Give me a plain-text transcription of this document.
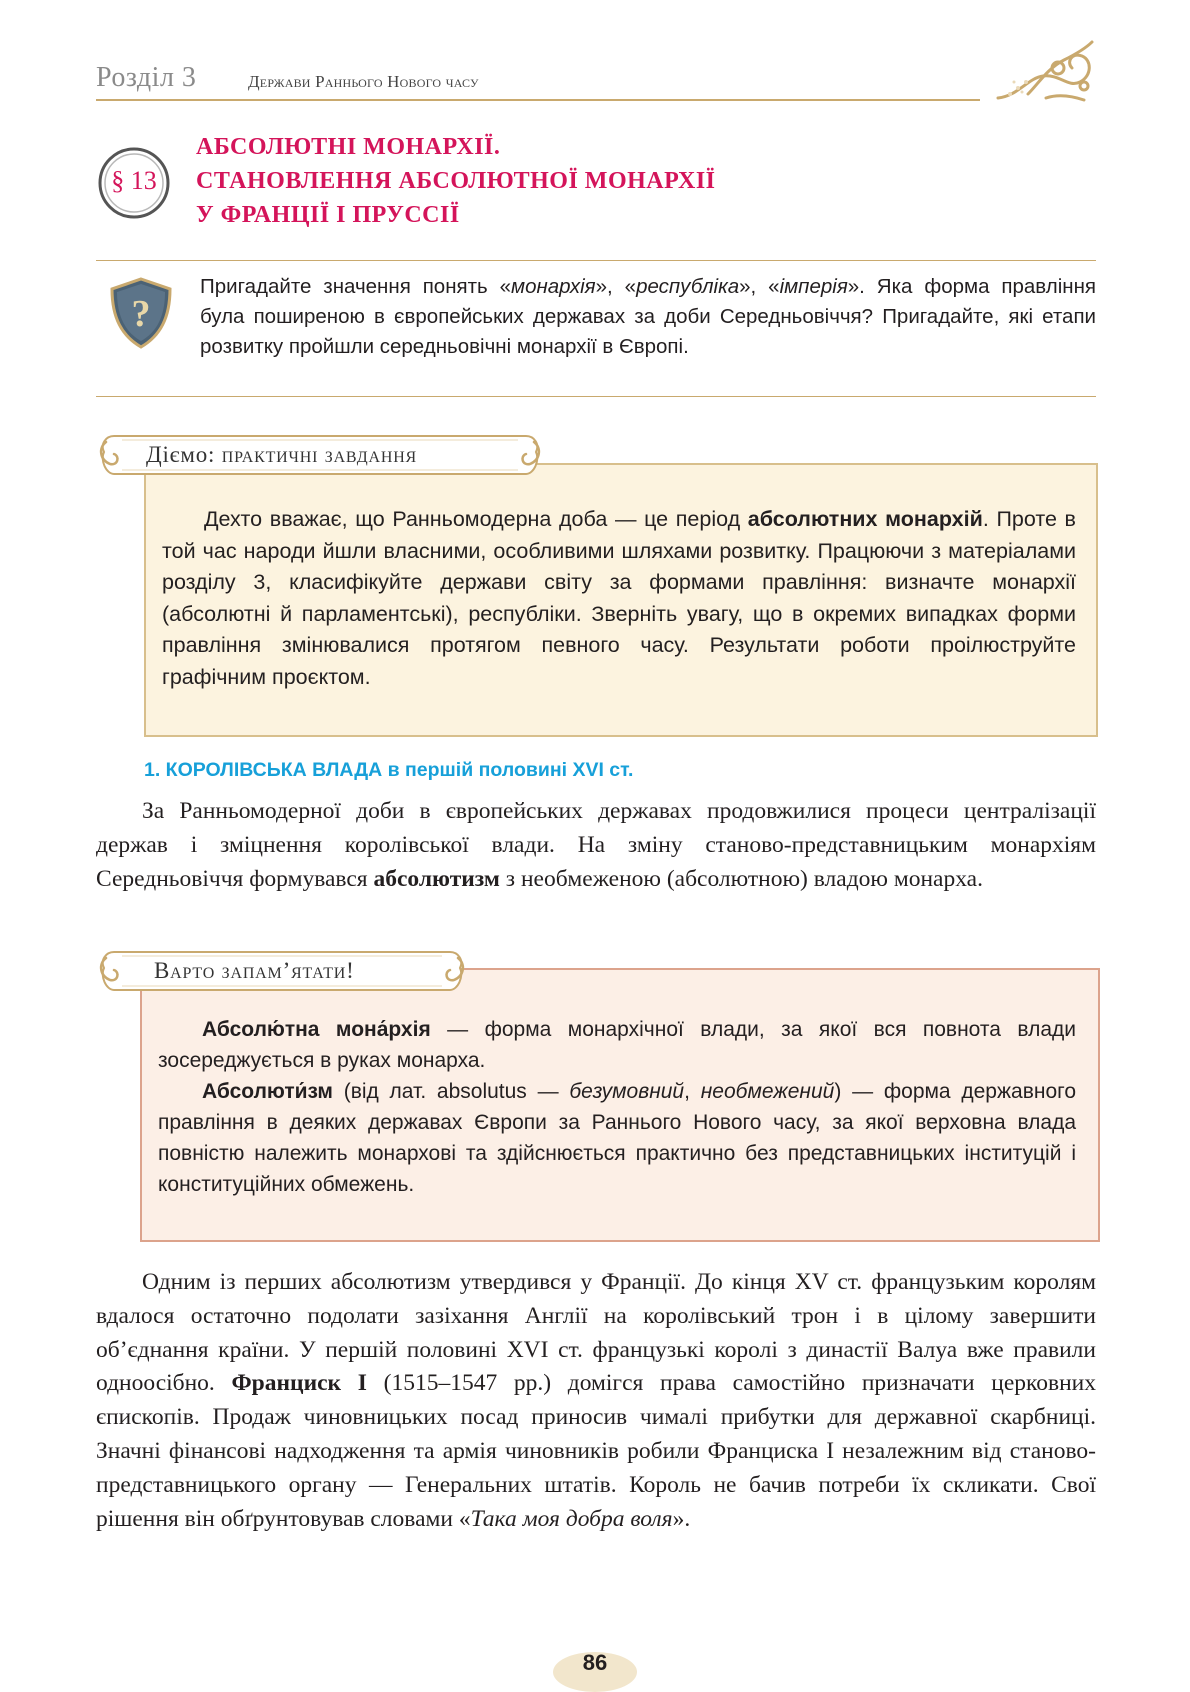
Розділ 3	Держави Раннього Нового часу
§ 13
АБСОЛЮТНІ МОНАРХІЇ.
СТАНОВЛЕННЯ АБСОЛЮТНОЇ МОНАРХІЇ
У ФРАНЦІЇ І ПРУССІЇ
?
Пригадайте значення понять «монархія», «республіка», «імперія». Яка форма правління була поширеною в європейських державах за доби Середньовіччя? Пригадайте, які етапи розвитку пройшли середньовічні монархії в Європі.
Діємо: практичні завдання
Дехто вважає, що Ранньомодерна доба — це період абсолютних монархій. Проте в той час народи йшли власними, особливими шляхами розвитку. Працюючи з матеріалами розділу 3, класифікуйте держави світу за формами правління: визначте монархії (абсолютні й парламентські), республіки. Зверніть увагу, що в окремих випадках форми правління змінювалися протягом певного часу. Результати роботи проілюструйте графічним проєктом.
1. КОРОЛІВСЬКА ВЛАДА в першій половині XVI ст.
За Ранньомодерної доби в європейських державах продовжилися процеси централізації держав і зміцнення королівської влади. На зміну станово-представницьким монархіям Середньовіччя формувався абсолютизм з необмеженою (абсолютною) владою монарха.
Варто запам’ятати!
Абсолю́тна мона́рхія — форма монархічної влади, за якої вся повнота влади зосереджується в руках монарха.
Абсолюти́зм (від лат. absolutus — безумовний, необмежений) — форма державного правління в деяких державах Європи за Раннього Нового часу, за якої верховна влада повністю належить монархові та здійснюється практично без представницьких інституцій і конституційних обмежень.
Одним із перших абсолютизм утвердився у Франції. До кінця XV ст. французьким королям вдалося остаточно подолати зазіхання Англії на королівський трон і в цілому завершити об’єднання країни. У першій половині XVI ст. французькі королі з династії Валуа вже правили одноосібно. Франциск І (1515–1547 рр.) домігся права самостійно призначати церковних єпископів. Продаж чиновницьких посад приносив чималі прибутки для державної скарбниці. Значні фінансові надходження та армія чиновників робили Франциска І незалежним від станово-представницького органу — Генеральних штатів. Король не бачив потреби їх скликати. Свої рішення він обґрунтовував словами «Така моя добра воля».
86
